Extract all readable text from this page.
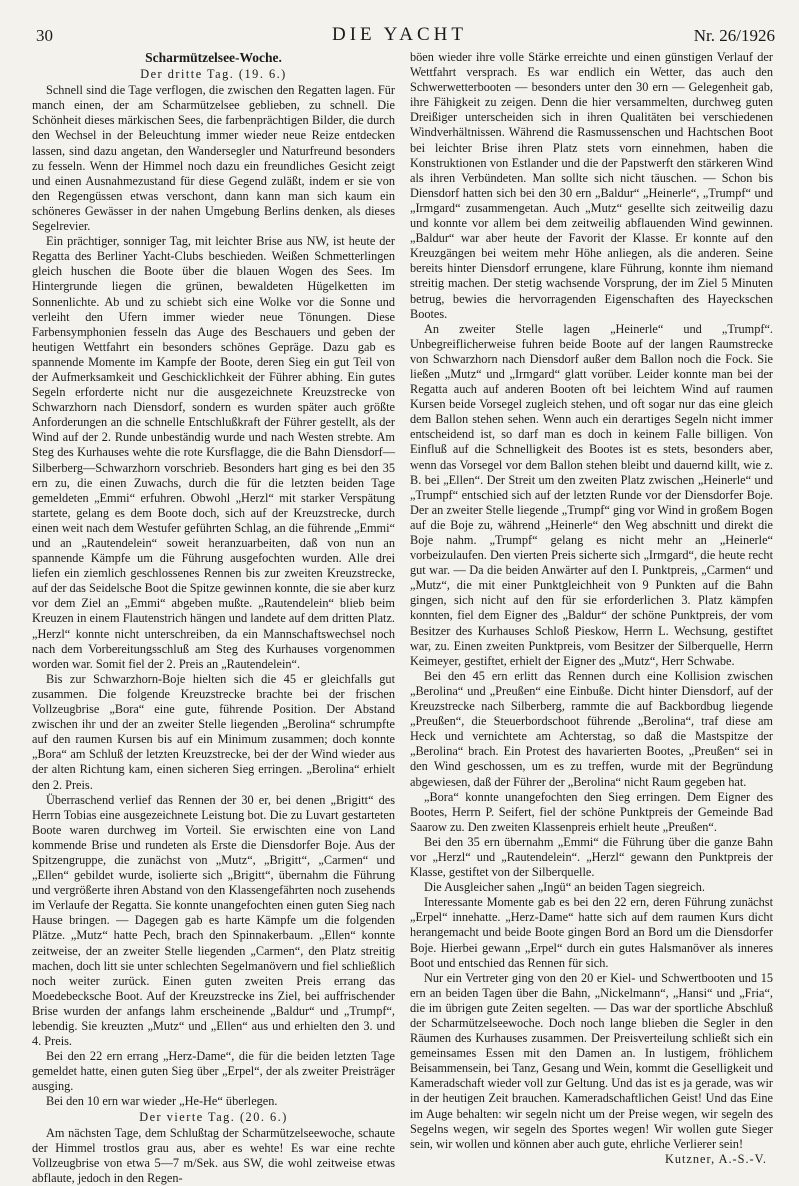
30	DIE YACHT	Nr. 26/1926
Scharmützelsee-Woche.
Der dritte Tag. (19. 6.)

Schnell sind die Tage verflogen, die zwischen den Regatten lagen. Für manch einen, der am Scharmützelsee geblieben, zu schnell. Die Schönheit dieses märkischen Sees, die farbenprächtigen Bilder, die durch den Wechsel in der Beleuchtung immer wieder neue Reize entdecken lassen, sind dazu angetan, den Wandersegler und Naturfreund besonders zu fesseln. Wenn der Himmel noch dazu ein freundliches Gesicht zeigt und einen Ausnahmezustand für diese Gegend zuläßt, indem er sie von den Regengüssen etwas verschont, dann kann man sich kaum ein schöneres Gewässer in der nahen Umgebung Berlins denken, als dieses Segelrevier.

Ein prächtiger, sonniger Tag, mit leichter Brise aus NW, ist heute der Regatta des Berliner Yacht-Clubs beschieden. Weißen Schmetterlingen gleich huschen die Boote über die blauen Wogen des Sees. Im Hintergrunde liegen die grünen, bewaldeten Hügelketten im Sonnenlichte. Ab und zu schiebt sich eine Wolke vor die Sonne und verleiht den Ufern immer wieder neue Tönungen. Diese Farbensymphonien fesseln das Auge des Beschauers und geben der heutigen Wettfahrt ein besonders schönes Gepräge. Dazu gab es spannende Momente im Kampfe der Boote, deren Sieg ein gut Teil von der Aufmerksamkeit und Geschicklichkeit der Führer abhing. Ein gutes Segeln erforderte nicht nur die ausgezeichnete Kreuzstrecke von Schwarzhorn nach Diensdorf, sondern es wurden später auch größte Anforderungen an die schnelle Entschlußkraft der Führer gestellt, als der Wind auf der 2. Runde unbeständig wurde und nach Westen strebte. Am Steg des Kurhauses wehte die rote Kursflagge, die die Bahn Diensdorf—Silberberg—Schwarzhorn vorschrieb. Besonders hart ging es bei den 35 ern zu, die einen Zuwachs, durch die für die letzten beiden Tage gemeldeten „Emmi“ erfuhren. Obwohl „Herzl“ mit starker Verspätung startete, gelang es dem Boote doch, sich auf der Kreuzstrecke, durch einen weit nach dem Westufer geführten Schlag, an die führende „Emmi“ und an „Rautendelein“ soweit heranzuarbeiten, daß von nun an spannende Kämpfe um die Führung ausgefochten wurden. Alle drei liefen ein ziemlich geschlossenes Rennen bis zur zweiten Kreuzstrecke, auf der das Seidelsche Boot die Spitze gewinnen konnte, die sie aber kurz vor dem Ziel an „Emmi“ abgeben mußte. „Rautendelein“ blieb beim Kreuzen in einem Flautenstrich hängen und landete auf dem dritten Platz. „Herzl“ konnte nicht unterschreiben, da ein Mannschaftswechsel noch nach dem Vorbereitungsschluß am Steg des Kurhauses vorgenommen worden war. Somit fiel der 2. Preis an „Rautendelein“.

Bis zur Schwarzhorn-Boje hielten sich die 45 er gleichfalls gut zusammen. Die folgende Kreuzstrecke brachte bei der frischen Vollzeugbrise „Bora“ eine gute, führende Position. Der Abstand zwischen ihr und der an zweiter Stelle liegenden „Berolina“ schrumpfte auf den raumen Kursen bis auf ein Minimum zusammen; doch konnte „Bora“ am Schluß der letzten Kreuzstrecke, bei der der Wind wieder aus der alten Richtung kam, einen sicheren Sieg erringen. „Berolina“ erhielt den 2. Preis.

Überraschend verlief das Rennen der 30 er, bei denen „Brigitt“ des Herrn Tobias eine ausgezeichnete Leistung bot. Die zu Luvart gestarteten Boote waren durchweg im Vorteil. Sie erwischten eine von Land kommende Brise und rundeten als Erste die Diensdorfer Boje. Aus der Spitzengruppe, die zunächst von „Mutz“, „Brigitt“, „Carmen“ und „Ellen“ gebildet wurde, isolierte sich „Brigitt“, übernahm die Führung und vergrößerte ihren Abstand von den Klassengefährten noch zusehends im Verlaufe der Regatta. Sie konnte unangefochten einen guten Sieg nach Hause bringen. — Dagegen gab es harte Kämpfe um die folgenden Plätze. „Mutz“ hatte Pech, brach den Spinnakerbaum. „Ellen“ konnte zeitweise, der an zweiter Stelle liegenden „Carmen“, den Platz streitig machen, doch litt sie unter schlechten Segelmanövern und fiel schließlich noch weiter zurück. Einen guten zweiten Preis errang das Moedebecksche Boot. Auf der Kreuzstrecke ins Ziel, bei auffrischender Brise wurden der anfangs lahm erscheinende „Baldur“ und „Trumpf“, lebendig. Sie kreuzten „Mutz“ und „Ellen“ aus und erhielten den 3. und 4. Preis.

Bei den 22 ern errang „Herz-Dame“, die für die beiden letzten Tage gemeldet hatte, einen guten Sieg über „Erpel“, der als zweiter Preisträger ausging.

Bei den 10 ern war wieder „He-He“ überlegen.

Der vierte Tag. (20. 6.)

Am nächsten Tage, dem Schlußtag der Scharmützelseewoche, schaute der Himmel trostlos grau aus, aber es wehte! Es war eine rechte Vollzeugbrise von etwa 5—7 m/Sek. aus SW, die wohl zeitweise etwas abflaute, jedoch in den Regen-

böen wieder ihre volle Stärke erreichte und einen günstigen Verlauf der Wettfahrt versprach. Es war endlich ein Wetter, das auch den Schwerwetterbooten — besonders unter den 30 ern — Gelegenheit gab, ihre Fähigkeit zu zeigen. Denn die hier versammelten, durchweg guten Dreißiger unterscheiden sich in ihren Qualitäten bei verschiedenen Windverhältnissen. Während die Rasmussenschen und Hachtschen Boot bei leichter Brise ihren Platz stets vorn einnehmen, haben die Konstruktionen von Estlander und die der Papstwerft den stärkeren Wind als ihren Verbündeten. Man sollte sich nicht täuschen. — Schon bis Diensdorf hatten sich bei den 30 ern „Baldur“ „Heinerle“, „Trumpf“ und „Irmgard“ zusammengetan. Auch „Mutz“ gesellte sich zeitweilig dazu und konnte vor allem bei dem zeitweilig abflauenden Wind gewinnen. „Baldur“ war aber heute der Favorit der Klasse. Er konnte auf den Kreuzgängen bei weitem mehr Höhe anliegen, als die anderen. Seine bereits hinter Diensdorf errungene, klare Führung, konnte ihm niemand streitig machen. Der stetig wachsende Vorsprung, der im Ziel 5 Minuten betrug, bewies die hervorragenden Eigenschaften des Hayeckschen Bootes.

An zweiter Stelle lagen „Heinerle“ und „Trumpf“. Unbegreiflicherweise fuhren beide Boote auf der langen Raumstrecke von Schwarzhorn nach Diensdorf außer dem Ballon noch die Fock. Sie ließen „Mutz“ und „Irmgard“ glatt vorüber. Leider konnte man bei der Regatta auch auf anderen Booten oft bei leichtem Wind auf raumen Kursen beide Vorsegel zugleich stehen, und oft sogar nur das eine gleich dem Ballon stehen sehen. Wenn auch ein derartiges Segeln nicht immer entscheidend ist, so darf man es doch in keinem Falle billigen. Von Einfluß auf die Schnelligkeit des Bootes ist es stets, besonders aber, wenn das Vorsegel vor dem Ballon stehen bleibt und dauernd killt, wie z. B. bei „Ellen“. Der Streit um den zweiten Platz zwischen „Heinerle“ und „Trumpf“ entschied sich auf der letzten Runde vor der Diensdorfer Boje. Der an zweiter Stelle liegende „Trumpf“ ging vor Wind in großem Bogen auf die Boje zu, während „Heinerle“ den Weg abschnitt und direkt die Boje nahm. „Trumpf“ gelang es nicht mehr an „Heinerle“ vorbeizulaufen. Den vierten Preis sicherte sich „Irmgard“, die heute recht gut war. — Da die beiden Anwärter auf den I. Punktpreis, „Carmen“ und „Mutz“, die mit einer Punktgleichheit von 9 Punkten auf die Bahn gingen, sich nicht auf den für sie erforderlichen 3. Platz kämpfen konnten, fiel dem Eigner des „Baldur“ der schöne Punktpreis, der vom Besitzer des Kurhauses Schloß Pieskow, Herrn L. Wechsung, gestiftet war, zu. Einen zweiten Punktpreis, vom Besitzer der Silberquelle, Herrn Keimeyer, gestiftet, erhielt der Eigner des „Mutz“, Herr Schwabe.

Bei den 45 ern erlitt das Rennen durch eine Kollision zwischen „Berolina“ und „Preußen“ eine Einbuße. Dicht hinter Diensdorf, auf der Kreuzstrecke nach Silberberg, rammte die auf Backbordbug liegende „Preußen“, die Steuerbordschoot führende „Berolina“, traf diese am Heck und vernichtete am Achterstag, so daß die Mastspitze der „Berolina“ brach. Ein Protest des havarierten Bootes, „Preußen“ sei in den Wind geschossen, um es zu treffen, wurde mit der Begründung abgewiesen, daß der Führer der „Berolina“ nicht Raum gegeben hat.

„Bora“ konnte unangefochten den Sieg erringen. Dem Eigner des Bootes, Herrn P. Seifert, fiel der schöne Punktpreis der Gemeinde Bad Saarow zu. Den zweiten Klassenpreis erhielt heute „Preußen“.

Bei den 35 ern übernahm „Emmi“ die Führung über die ganze Bahn vor „Herzl“ und „Rautendelein“. „Herzl“ gewann den Punktpreis der Klasse, gestiftet von der Silberquelle.

Die Ausgleicher sahen „Ingü“ an beiden Tagen siegreich.

Interessante Momente gab es bei den 22 ern, deren Führung zunächst „Erpel“ innehatte. „Herz-Dame“ hatte sich auf dem raumen Kurs dicht herangemacht und beide Boote gingen Bord an Bord um die Diensdorfer Boje. Hierbei gewann „Erpel“ durch ein gutes Halsmanöver als inneres Boot und entschied das Rennen für sich.

Nur ein Vertreter ging von den 20 er Kiel- und Schwertbooten und 15 ern an beiden Tagen über die Bahn, „Nickelmann“, „Hansi“ und „Fria“, die im übrigen gute Zeiten segelten. — Das war der sportliche Abschluß der Scharmützelseewoche. Doch noch lange blieben die Segler in den Räumen des Kurhauses zusammen. Der Preisverteilung schließt sich ein gemeinsames Essen mit den Damen an. In lustigem, fröhlichem Beisammensein, bei Tanz, Gesang und Wein, kommt die Geselligkeit und Kameradschaft wieder voll zur Geltung. Und das ist es ja gerade, was wir in der heutigen Zeit brauchen. Kameradschaftlichen Geist! Und das Eine im Auge behalten: wir segeln nicht um der Preise wegen, wir segeln des Segelns wegen, wir segeln des Sportes wegen! Wir wollen gute Sieger sein, wir wollen und können aber auch gute, ehrliche Verlierer sein!

Kutzner, A.-S.-V.
